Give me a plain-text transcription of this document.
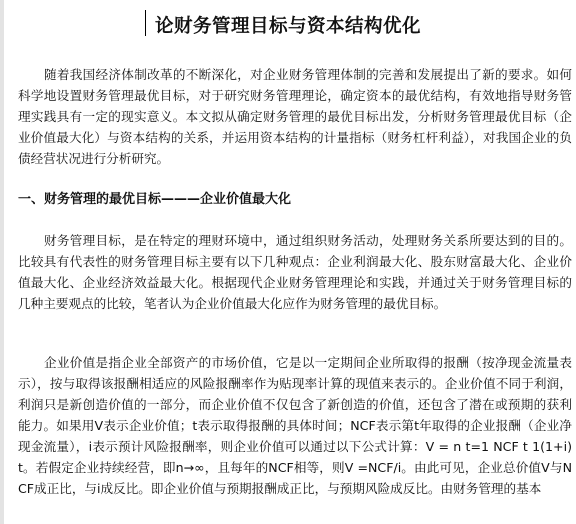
论财务管理目标与资本结构优化

随着我国经济体制改革的不断深化，对企业财务管理体制的完善和发展提出了新的要求。如何科学地设置财务管理最优目标，对于研究财务管理理论，确定资本的最优结构，有效地指导财务管理实践具有一定的现实意义。本文拟从确定财务管理的最优目标出发，分析财务管理最优目标（企业价值最大化）与资本结构的关系，并运用资本结构的计量指标（财务杠杆利益），对我国企业的负债经营状况进行分析研究。

一、财务管理的最优目标———企业价值最大化

财务管理目标，是在特定的理财环境中，通过组织财务活动，处理财务关系所要达到的目的。比较具有代表性的财务管理目标主要有以下几种观点：企业利润最大化、股东财富最大化、企业价值最大化、企业经济效益最大化。根据现代企业财务管理理论和实践，并通过关于财务管理目标的几种主要观点的比较，笔者认为企业价值最大化应作为财务管理的最优目标。

企业价值是指企业全部资产的市场价值，它是以一定期间企业所取得的报酬（按净现金流量表示），按与取得该报酬相适应的风险报酬率作为贴现率计算的现值来表示的。企业价值不同于利润，利润只是新创造价值的一部分，而企业价值不仅包含了新创造的价值，还包含了潜在或预期的获利能力。如果用V表示企业价值；t表示取得报酬的具体时间；NCF表示第t年取得的企业报酬（企业净现金流量），i表示预计风险报酬率，则企业价值可以通过以下公式计算：V = n t=1 NCF t 1(1+i)t。若假定企业持续经营，即n→∞，且每年的NCF相等，则V =NCF/i。由此可见，企业总价值V与NCF成正比，与i成反比。即企业价值与预期报酬成正比，与预期风险成反比。由财务管理的基本
